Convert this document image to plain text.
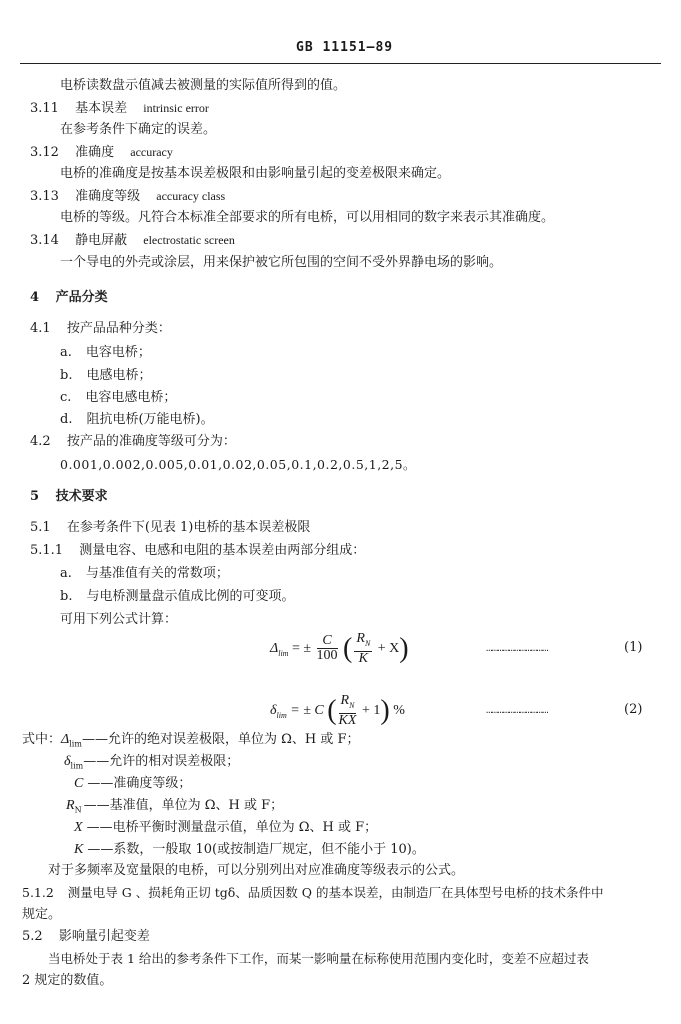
GB 11151—89
电桥读数盘示值减去被测量的实际值所得到的值。
3.11 基本误差 intrinsic error
在参考条件下确定的误差。
3.12 准确度 accuracy
电桥的准确度是按基本误差极限和由影响量引起的变差极限来确定。
3.13 准确度等级 accuracy class
电桥的等级。凡符合本标准全部要求的所有电桥，可以用相同的数字来表示其准确度。
3.14 静电屏蔽 electrostatic screen
一个导电的外壳或涂层，用来保护被它所包围的空间不受外界静电场的影响。
4 产品分类
4.1 按产品品种分类：
a. 电容电桥；
b. 电感电桥；
c. 电容电感电桥；
d. 阻抗电桥(万能电桥)。
4.2 按产品的准确度等级可分为：
0.001,0.002,0.005,0.01,0.02,0.05,0.1,0.2,0.5,1,2,5。
5 技术要求
5.1 在参考条件下(见表 1)电桥的基本误差极限
5.1.1 测量电容、电感和电阻的基本误差由两部分组成：
a. 与基准值有关的常数项；
b. 与电桥测量盘示值成比例的可变项。
可用下列公式计算：
$\Delta_{lim}$ = ± $\frac{C}{100}$ ( $\frac{R_N}{K} + X$)	……………………………	(1)
$\delta_{lim}$ = ± C ( $\frac{R_N}{KX} + 1$) %	……………………………	(2)
式中：$\Delta_{lim}——$允许的绝对误差极限，单位为 Ω、H 或 F；
$\delta_{lim}——$允许的相对误差极限；
C ——准确度等级；
$R_N$ ——基准值，单位为 Ω、H 或 F；
X ——电桥平衡时测量盘示值，单位为 Ω、H 或 F；
K ——系数，一般取 10(或按制造厂规定，但不能小于 10)。
对于多频率及宽量限的电桥，可以分别列出对应准确度等级表示的公式。
5.1.2 测量电导 G 、损耗角正切 tgδ、品质因数 Q 的基本误差，由制造厂在具体型号电桥的技术条件中
规定。
5.2 影响量引起变差
当电桥处于表 1 给出的参考条件下工作，而某一影响量在标称使用范围内变化时，变差不应超过表
2 规定的数值。
